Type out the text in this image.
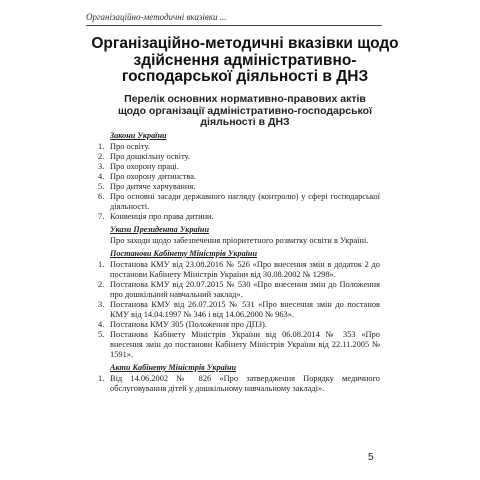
Організаційно-методичні вказівки ...
Організаційно-методичні вказівки щодо здійснення адміністративно-господарської діяльності в ДНЗ
Перелік основних нормативно-правових актів щодо організації адміністративно-господарської діяльності в ДНЗ
Закони України
1. Про освіту.
2. Про дошкільну освіту.
3. Про охорону праці.
4. Про охорону дитинства.
5. Про дитяче харчування.
6. Про основні засади державного нагляду (контролю) у сфері господарської діяльності.
7. Конвенція про права дитини.
Укази Президента України

Про заходи щодо забезпечення пріоритетного розвитку освіти в Україні.

Постанови Кабінету Міністрів України
1. Постанова КМУ від 23.08.2016 № 526 «Про внесення змін в додаток 2 до постанови Кабінету Міністрів України від 30.08.2002 № 1298».
2. Постанова КМУ від 20.07.2015 № 530 «Про внесення змін до Положення про дошкільний навчальний заклад».
3. Постанова КМУ від 26.07.2015 № 531 «Про внесення змін до постанов КМУ від 14.04.1997 № 346 і від 14.06.2000 № 963».
4. Постанова КМУ 305 (Положення про ДПЗ).
5. Постанова Кабінету Міністрів України від 06.08.2014 № 353 «Про внесення змін до постанови Кабінету Міністрів України від 22.11.2005 № 1591».
Акти Кабінету Міністрів України
1. Від 14.06.2002 № 826 «Про затвердження Порядку медичного обслуговування дітей у дошкільному навчальному закладі».
5
